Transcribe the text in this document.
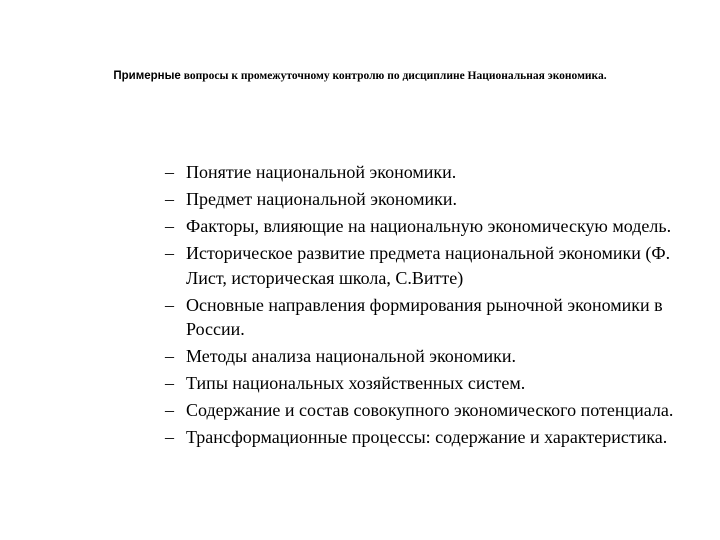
Примерные вопросы к промежуточному контролю по дисциплине Национальная экономика.
– Понятие национальной экономики.
– Предмет национальной экономики.
– Факторы, влияющие на национальную экономическую модель.
– Историческое развитие предмета национальной экономики (Ф. Лист, историческая школа, С.Витте)
– Основные направления формирования рыночной экономики в России.
– Методы анализа национальной экономики.
– Типы национальных хозяйственных систем.
– Содержание и состав совокупного экономического потенциала.
– Трансформационные процессы: содержание и характеристика.
